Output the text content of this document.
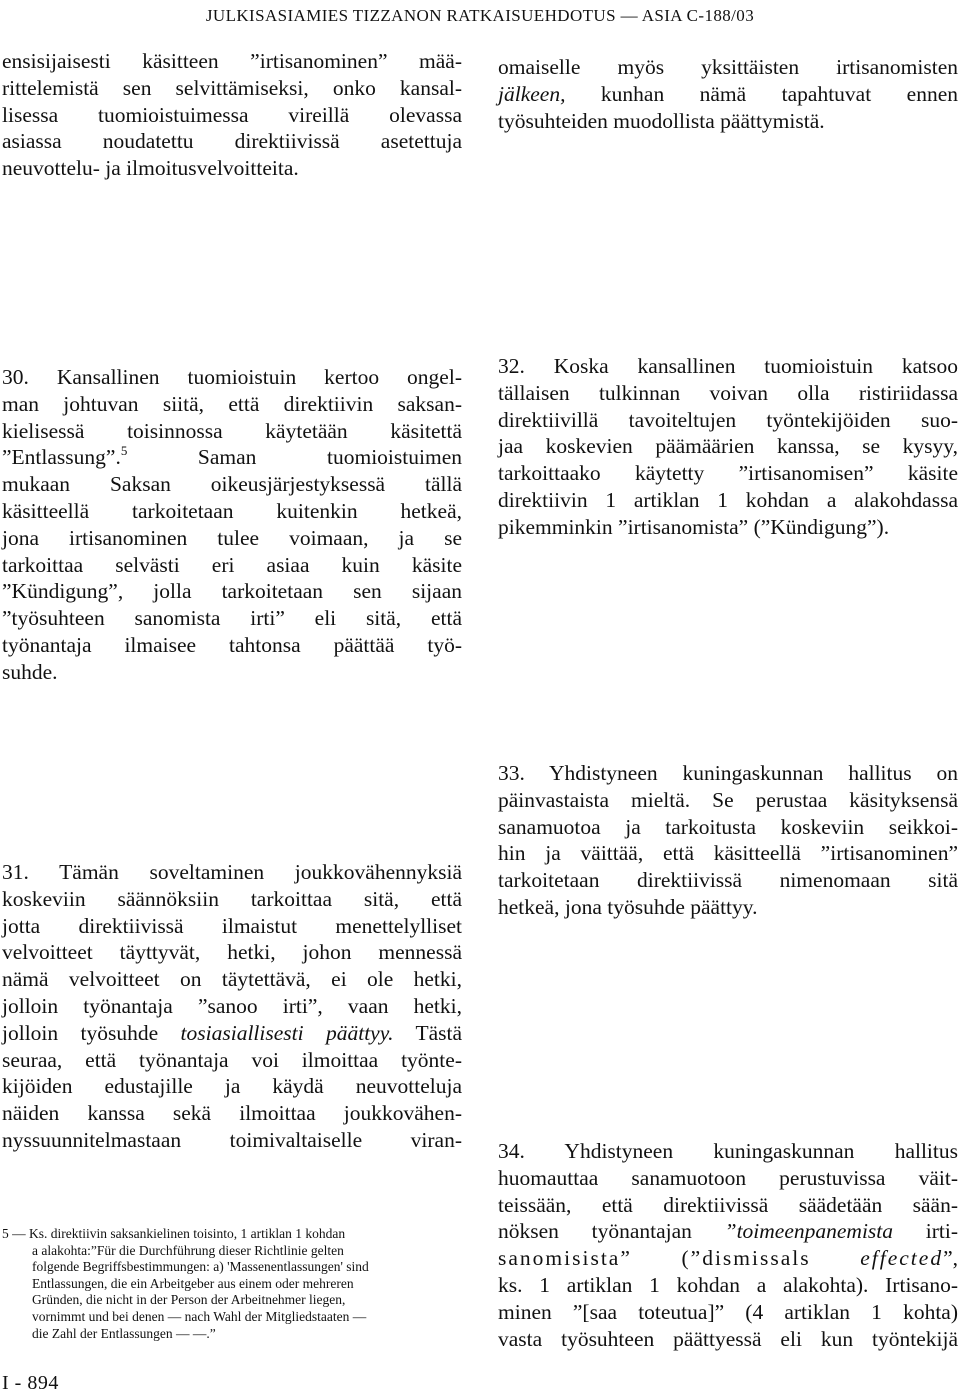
JULKISASIAMIES TIZZANON RATKAISUEHDOTUS — ASIA C-188/03

ensisijaisesti käsitteen ”irtisanominen” mää-
rittelemistä sen selvittämiseksi, onko kansal-
lisessa tuomioistuimessa vireillä olevassa
asiassa noudatettu direktiivissä asetettuja
neuvottelu- ja ilmoitusvelvoitteita.

30. Kansallinen tuomioistuin kertoo ongel-
man johtuvan siitä, että direktiivin saksan-
kielisessä toisinnossa käytetään käsitettä
”Entlassung”.$^5$ Saman tuomioistuimen
mukaan Saksan oikeusjärjestyksessä tällä
käsitteellä tarkoitetaan kuitenkin hetkeä,
jona irtisanominen tulee voimaan, ja se
tarkoittaa selvästi eri asiaa kuin käsite
”Kündigung”, jolla tarkoitetaan sen sijaan
”työsuhteen sanomista irti” eli sitä, että
työnantaja ilmaisee tahtonsa päättää työ-
suhde.

31. Tämän soveltaminen joukkovähennyksiä
koskeviin säännöksiin tarkoittaa sitä, että
jotta direktiivissä ilmaistut menettelylliset
velvoitteet täyttyvät, hetki, johon mennessä
nämä velvoitteet on täytettävä, ei ole hetki,
jolloin työnantaja ”sanoo irti”, vaan hetki,
jolloin työsuhde tosiasiallisesti päättyy. Tästä
seuraa, että työnantaja voi ilmoittaa työnte-
kijöiden edustajille ja käydä neuvotteluja
näiden kanssa sekä ilmoittaa joukkovähen-
nyssuunnitelmastaan toimivaltaiselle viran-

omaiselle myös yksittäisten irtisanomisten
jälkeen, kunhan nämä tapahtuvat ennen
työsuhteiden muodollista päättymistä.

32. Koska kansallinen tuomioistuin katsoo
tällaisen tulkinnan voivan olla ristiriidassa
direktiivillä tavoiteltujen työntekijöiden suo-
jaa koskevien päämäärien kanssa, se kysyy,
tarkoittaako käytetty ”irtisanomisen” käsite
direktiivin 1 artiklan 1 kohdan a alakohdassa
pikemminkin ”irtisanomista” (”Kündigung”).

33. Yhdistyneen kuningaskunnan hallitus on
päinvastaista mieltä. Se perustaa käsityksensä
sanamuotoa ja tarkoitusta koskeviin seikkoi-
hin ja väittää, että käsitteellä ”irtisanominen”
tarkoitetaan direktiivissä nimenomaan sitä
hetkeä, jona työsuhde päättyy.

34. Yhdistyneen kuningaskunnan hallitus
huomauttaa sanamuotoon perustuvissa väit-
teissään, että direktiivissä säädetään sään-
nöksen työnantajan ”toimeenpanemista irti-
sanomisista” (”dismissals effected”,
ks. 1 artiklan 1 kohdan a alakohta). Irtisano-
minen ”[saa toteutua]” (4 artiklan 1 kohta)
vasta työsuhteen päättyessä eli kun työntekijä

5 — Ks. direktiivin saksankielinen toisinto, 1 artiklan 1 kohdan
a alakohta:”Für die Durchführung dieser Richtlinie gelten
folgende Begriffsbestimmungen: a) 'Massenentlassungen' sind
Entlassungen, die ein Arbeitgeber aus einem oder mehreren
Gründen, die nicht in der Person der Arbeitnehmer liegen,
vornimmt und bei denen — nach Wahl der Mitgliedstaaten —
die Zahl der Entlassungen — —.”

I - 894
